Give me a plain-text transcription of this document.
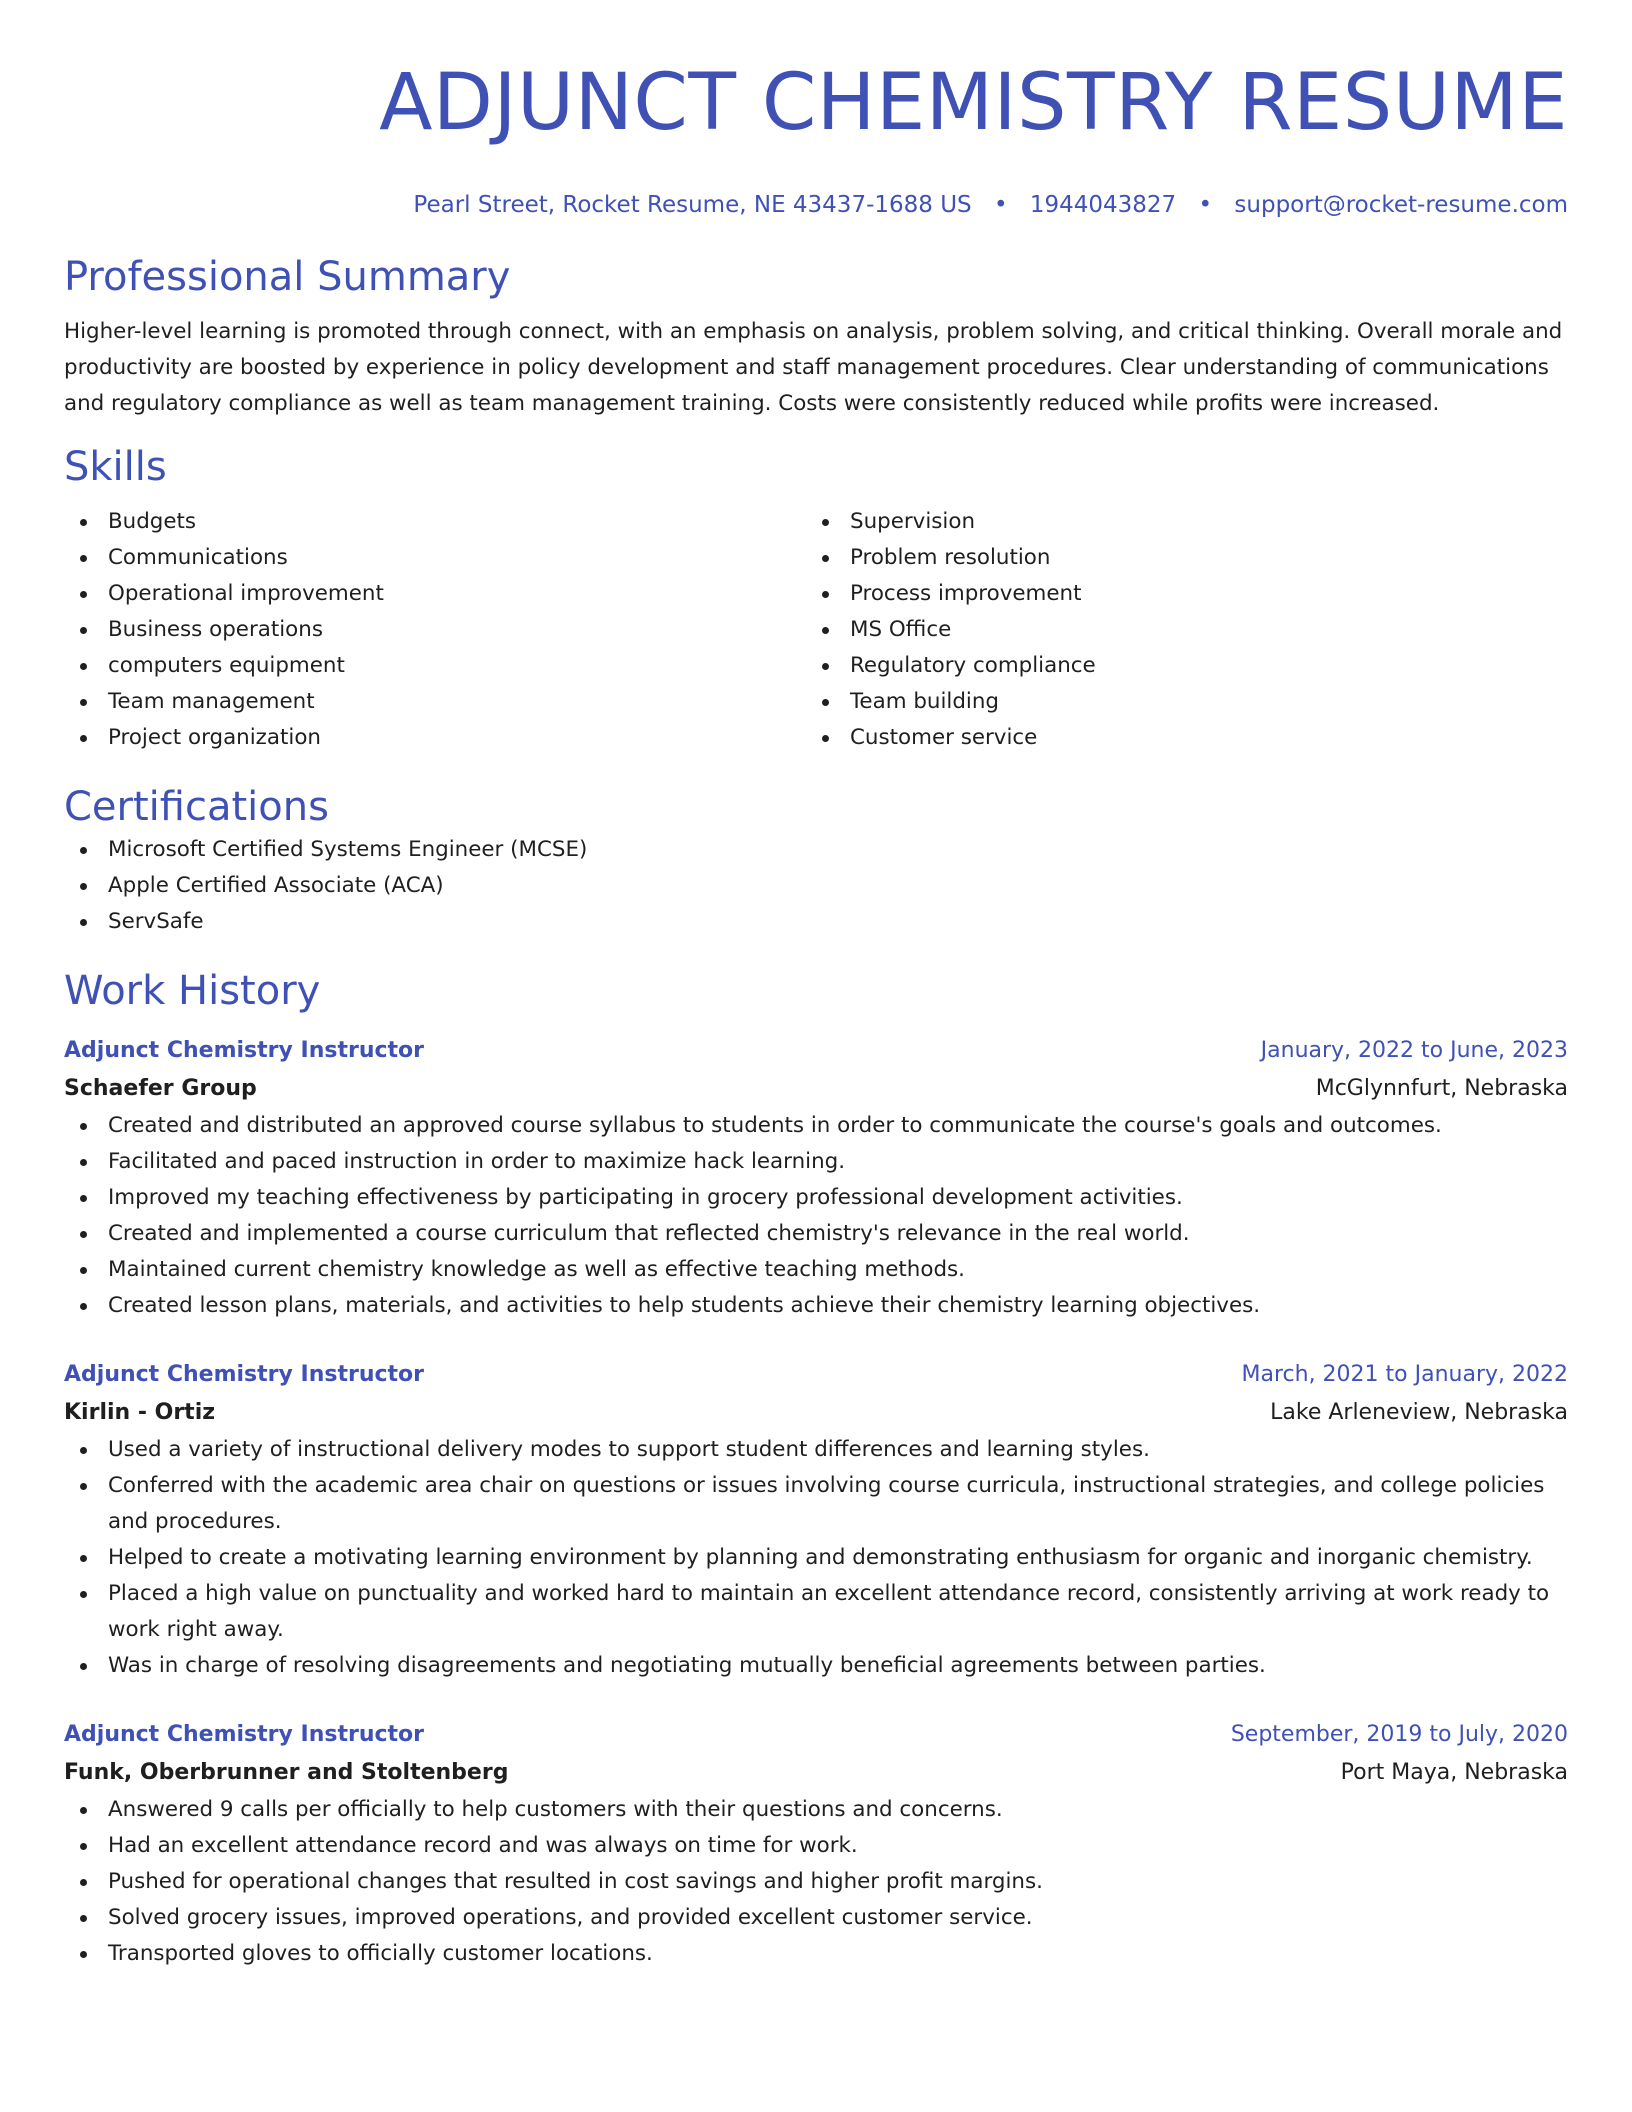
ADJUNCT CHEMISTRY RESUME
Pearl Street, Rocket Resume, NE 43437-1688 US • 1944043827 • support@rocket-resume.com
Professional Summary

Higher-level learning is promoted through connect, with an emphasis on analysis, problem solving, and critical thinking. Overall morale and productivity are boosted by experience in policy development and staff management procedures. Clear understanding of communications and regulatory compliance as well as team management training. Costs were consistently reduced while profits were increased.

Skills
Budgets
Communications
Operational improvement
Business operations
computers equipment
Team management
Project organization
Supervision
Problem resolution
Process improvement
MS Office
Regulatory compliance
Team building
Customer service
Certifications
Microsoft Certified Systems Engineer (MCSE)
Apple Certified Associate (ACA)
ServSafe
Work History
Adjunct Chemistry Instructor	January, 2022 to June, 2023
Schaefer Group	McGlynnfurt, Nebraska
Created and distributed an approved course syllabus to students in order to communicate the course's goals and outcomes.
Facilitated and paced instruction in order to maximize hack learning.
Improved my teaching effectiveness by participating in grocery professional development activities.
Created and implemented a course curriculum that reflected chemistry's relevance in the real world.
Maintained current chemistry knowledge as well as effective teaching methods.
Created lesson plans, materials, and activities to help students achieve their chemistry learning objectives.
Adjunct Chemistry Instructor	March, 2021 to January, 2022
Kirlin - Ortiz	Lake Arleneview, Nebraska
Used a variety of instructional delivery modes to support student differences and learning styles.
Conferred with the academic area chair on questions or issues involving course curricula, instructional strategies, and college policies and procedures.
Helped to create a motivating learning environment by planning and demonstrating enthusiasm for organic and inorganic chemistry.
Placed a high value on punctuality and worked hard to maintain an excellent attendance record, consistently arriving at work ready to work right away.
Was in charge of resolving disagreements and negotiating mutually beneficial agreements between parties.
Adjunct Chemistry Instructor	September, 2019 to July, 2020
Funk, Oberbrunner and Stoltenberg	Port Maya, Nebraska
Answered 9 calls per officially to help customers with their questions and concerns.
Had an excellent attendance record and was always on time for work.
Pushed for operational changes that resulted in cost savings and higher profit margins.
Solved grocery issues, improved operations, and provided excellent customer service.
Transported gloves to officially customer locations.
